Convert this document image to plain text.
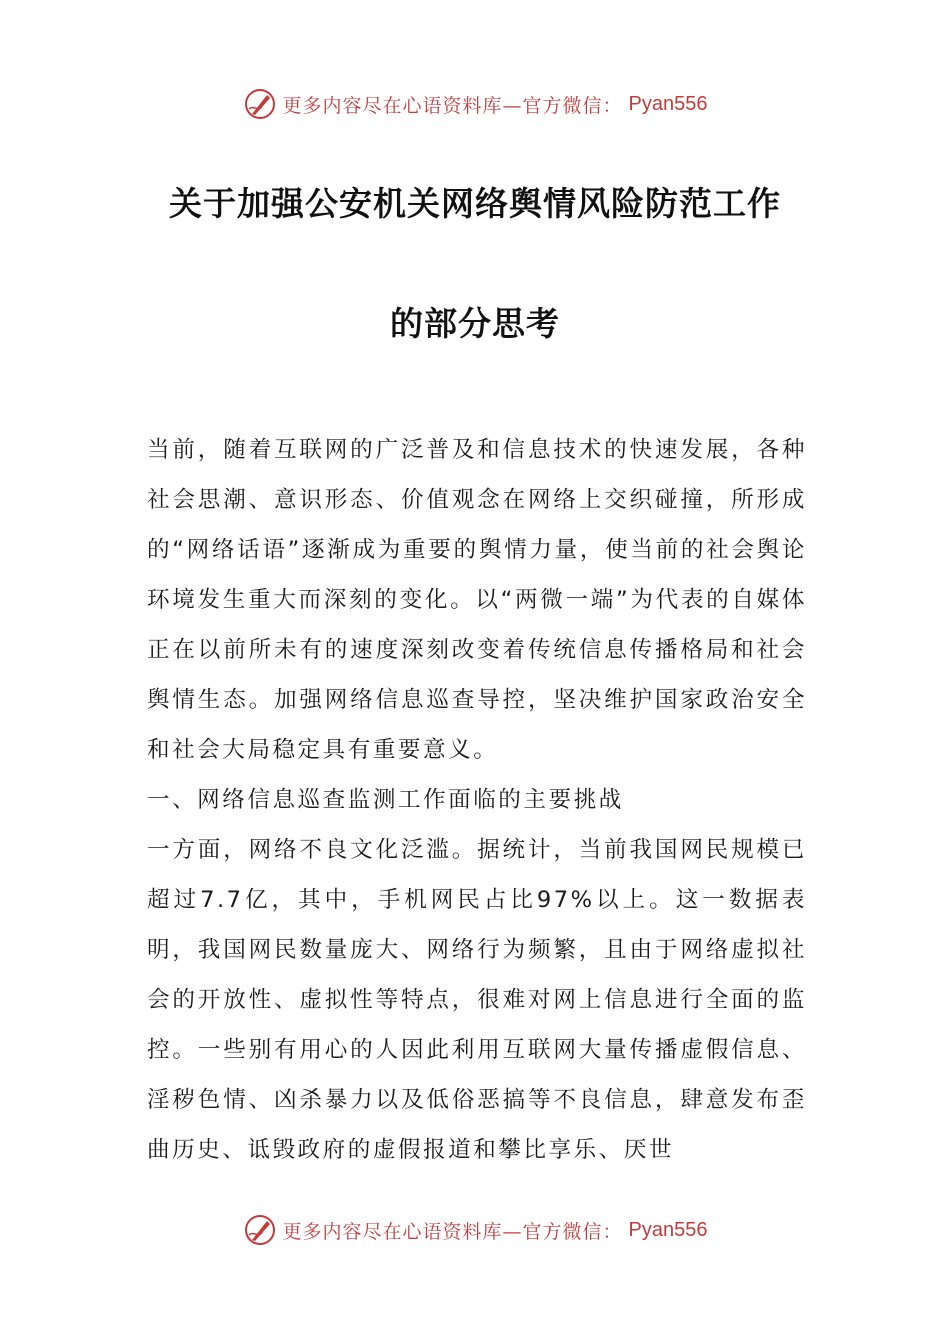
更多内容尽在心语资料库—官方微信： Pyan556
关于加强公安机关网络舆情风险防范工作
的部分思考

当前，随着互联网的广泛普及和信息技术的快速发展，各种社会思潮、意识形态、价值观念在网络上交织碰撞，所形成的“网络话语”逐渐成为重要的舆情力量，使当前的社会舆论环境发生重大而深刻的变化。以“两微一端”为代表的自媒体正在以前所未有的速度深刻改变着传统信息传播格局和社会舆情生态。加强网络信息巡查导控，坚决维护国家政治安全和社会大局稳定具有重要意义。

一、网络信息巡查监测工作面临的主要挑战

一方面，网络不良文化泛滥。据统计，当前我国网民规模已超过7.7亿，其中，手机网民占比97%以上。这一数据表明，我国网民数量庞大、网络行为频繁，且由于网络虚拟社会的开放性、虚拟性等特点，很难对网上信息进行全面的监控。一些别有用心的人因此利用互联网大量传播虚假信息、淫秽色情、凶杀暴力以及低俗恶搞等不良信息，肆意发布歪曲历史、诋毁政府的虚假报道和攀比享乐、厌世

更多内容尽在心语资料库—官方微信： Pyan556
